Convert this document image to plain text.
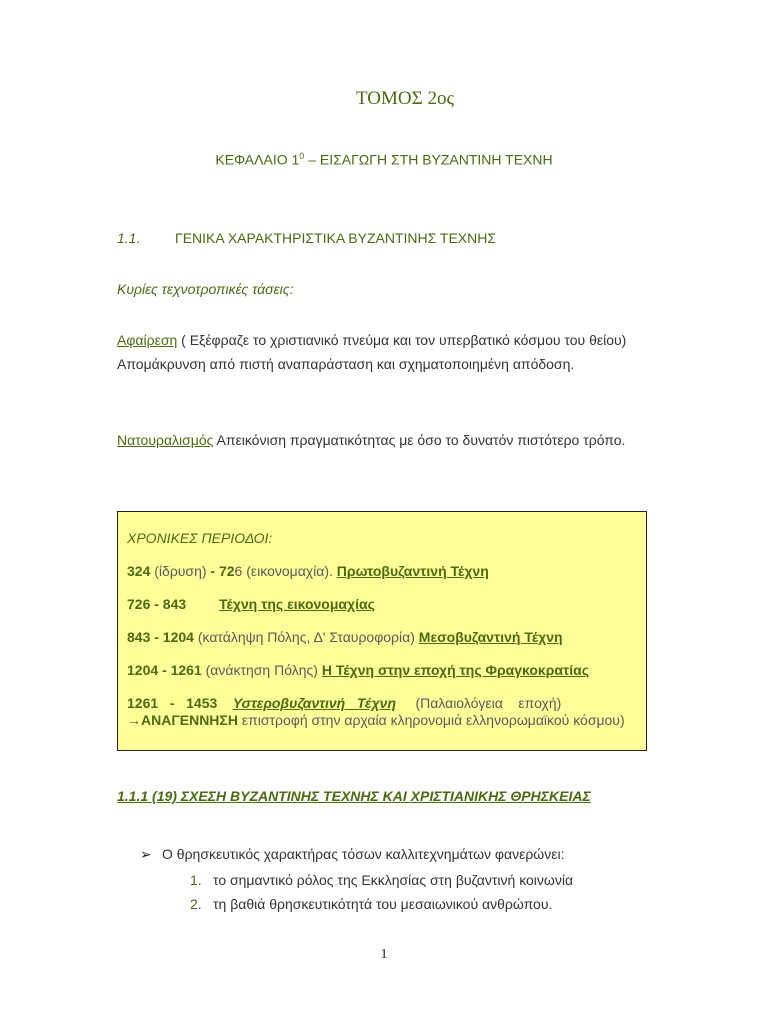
ΤΟΜΟΣ 2ος
ΚΕΦΑΛΑΙΟ $1^0$ – ΕΙΣΑΓΩΓΗ ΣΤΗ ΒΥΖΑΝΤΙΝΗ ΤΕΧΝΗ
1.1. ΓΕΝΙΚΑ ΧΑΡΑΚΤΗΡΙΣΤΙΚΑ ΒΥΖΑΝΤΙΝΗΣ ΤΕΧΝΗΣ
Κυρίες τεχνοτροπικές τάσεις:
Αφαίρεση ( Εξέφραζε το χριστιανικό πνεύμα και τον υπερβατικό κόσμου του θείου) Απομάκρυνση από πιστή αναπαράσταση και σχηματοποιημένη απόδοση.
Νατουραλισμός Απεικόνιση πραγματικότητας με όσο το δυνατόν πιστότερο τρόπο.
ΧΡΟΝΙΚΕΣ ΠΕΡΙΟΔΟΙ:
324 (ίδρυση) - 726 (εικονομαχία). Πρωτοβυζαντινή Τέχνη
726 - 843 Τέχνη της εικονομαχίας
843 - 1204 (κατάληψη Πόλης, Δ' Σταυροφορία) Μεσοβυζαντινή Τέχνη
1204 - 1261 (ανάκτηση Πόλης) Η Τέχνη στην εποχή της Φραγκοκρατίας
1261   -   1453 Υστεροβυζαντινή   Τέχνη (Παλαιολόγεια    εποχή)
→ΑΝΑΓΕΝΝΗΣΗ επιστροφή στην αρχαία κληρονομιά ελληνορωμαϊκού κόσμου)
1.1.1 (19) ΣΧΕΣΗ ΒΥΖΑΝΤΙΝΗΣ ΤΕΧΝΗΣ ΚΑΙ ΧΡΙΣΤΙΑΝΙΚΗΣ ΘΡΗΣΚΕΙΑΣ
➢ Ο θρησκευτικός χαρακτήρας τόσων καλλιτεχνημάτων φανερώνει:
1. το σημαντικό ρόλος της Εκκλησίας στη βυζαντινή κοινωνία
2. τη βαθιά θρησκευτικότητά του μεσαιωνικού ανθρώπου.
1
